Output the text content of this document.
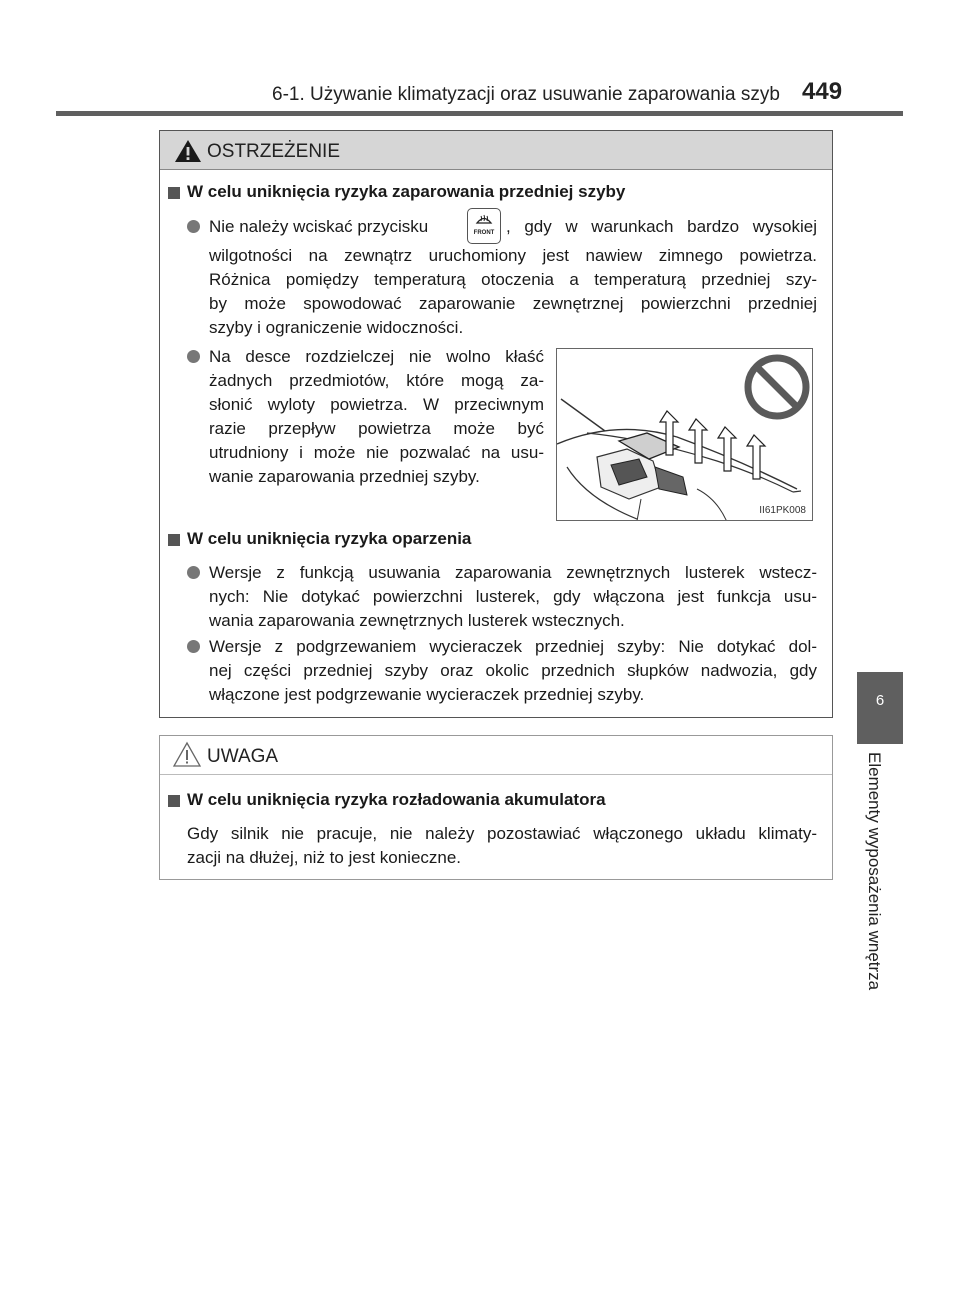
6-1. Używanie klimatyzacji oraz usuwanie zaparowania szyb 449
6
Elementy wyposażenia wnętrza
OSTRZEŻENIE
W celu uniknięcia ryzyka zaparowania przedniej szyby
Nie należy wciskać przycisku	, gdy w warunkach bardzo wysokiej
wilgotności na zewnątrz uruchomiony jest nawiew zimnego powietrza.
Różnica pomiędzy temperaturą otoczenia a temperaturą przedniej szy-
by może spowodować zaparowanie zewnętrznej powierzchni przedniej
szyby i ograniczenie widoczności.
Na desce rozdzielczej nie wolno kłaść
żadnych przedmiotów, które mogą za-
słonić wyloty powietrza. W przeciwnym
razie przepływ powietrza może być
utrudniony i może nie pozwalać na usu-
wanie zaparowania przedniej szyby.
W celu uniknięcia ryzyka oparzenia
Wersje z funkcją usuwania zaparowania zewnętrznych lusterek wstecz-
nych: Nie dotykać powierzchni lusterek, gdy włączona jest funkcja usu-
wania zaparowania zewnętrznych lusterek wstecznych.
Wersje z podgrzewaniem wycieraczek przedniej szyby: Nie dotykać dol-
nej części przedniej szyby oraz okolic przednich słupków nadwozia, gdy
włączone jest podgrzewanie wycieraczek przedniej szyby.
FRONT
II61PK008
UWAGA
W celu uniknięcia ryzyka rozładowania akumulatora
Gdy silnik nie pracuje, nie należy pozostawiać włączonego układu klimaty-
zacji na dłużej, niż to jest konieczne.
